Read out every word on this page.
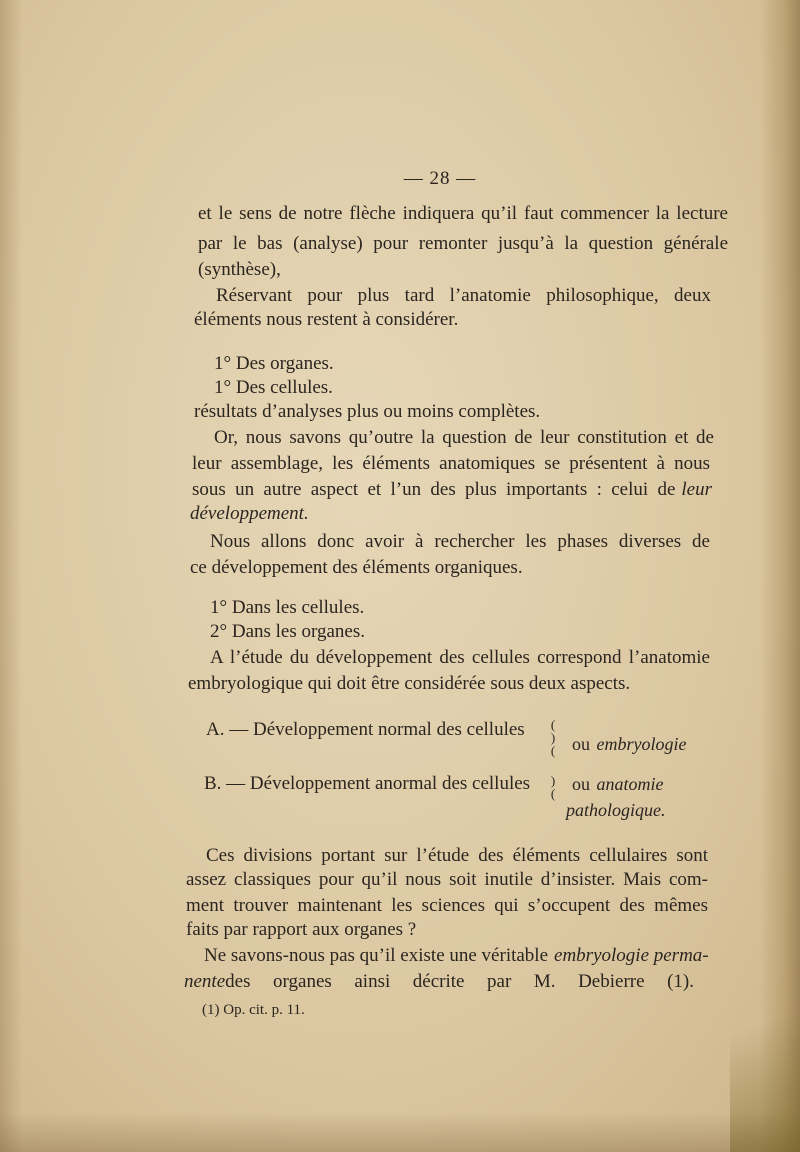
— 28 —
et le sens de notre flèche indiquera qu’il faut commencer la lecture
par le bas (analyse) pour remonter jusqu’à la question générale
(synthèse),
Réservant pour plus tard l’anatomie philosophique, deux
éléments nous restent à considérer.
1° Des organes.
1° Des cellules.
résultats d’analyses plus ou moins complètes.
Or, nous savons qu’outre la question de leur constitution et de
leur assemblage, les éléments anatomiques se présentent à nous
sous un autre aspect et l’un des plus importants : celui de leur
développement.
Nous allons donc avoir à rechercher les phases diverses de
ce développement des éléments organiques.
1° Dans les cellules.
2° Dans les organes.
A l’étude du développement des cellules correspond l’anatomie
embryologique qui doit être considérée sous deux aspects.
A. — Développement normal des cellules (
)
( ou embryologie
B. — Développement anormal des cellules )
( ou anatomie
pathologique.
Ces divisions portant sur l’étude des éléments cellulaires sont
assez classiques pour qu’il nous soit inutile d’insister. Mais com-
ment trouver maintenant les sciences qui s’occupent des mêmes
faits par rapport aux organes ?
Ne savons-nous pas qu’il existe une véritable embryologie perma-
nente des organes ainsi décrite par M. Debierre (1).
(1) Op. cit. p. 11.
